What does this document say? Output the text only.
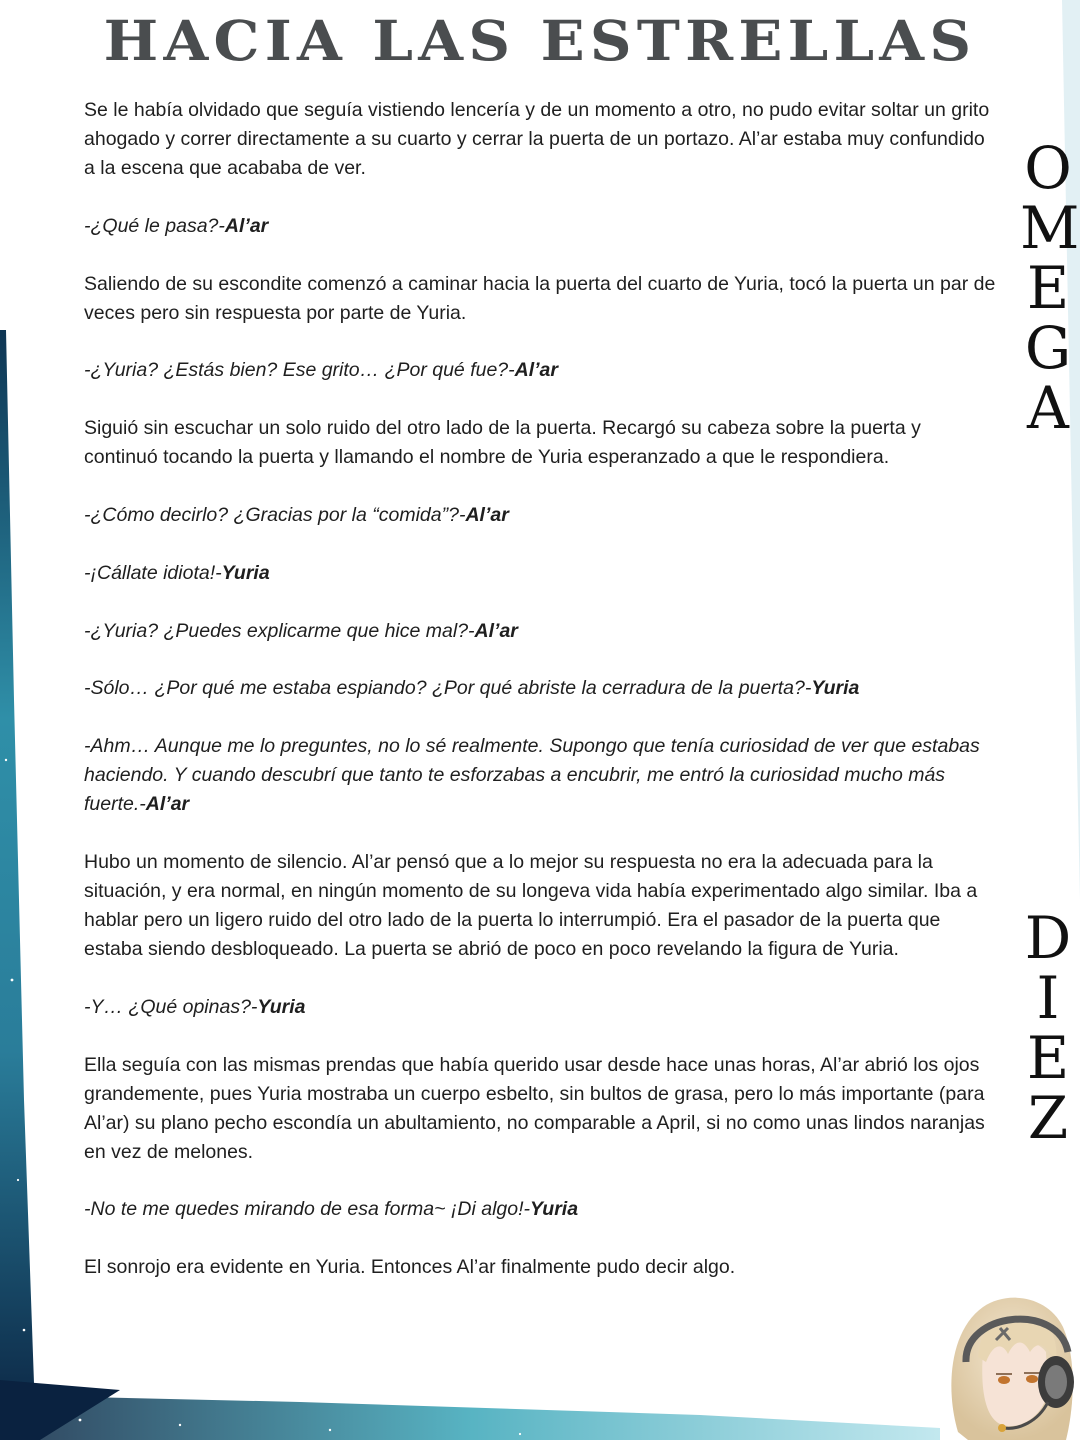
HACIA LAS ESTRELLAS

Se le había olvidado que seguía vistiendo lencería y de un momento a otro, no pudo evitar soltar un grito ahogado y correr directamente a su cuarto y cerrar la puerta de un portazo. Al’ar estaba muy confundido a la escena que acababa de ver.

-¿Qué le pasa?-Al’ar

Saliendo de su escondite comenzó a caminar hacia la puerta del cuarto de Yuria, tocó la puerta un par de veces pero sin respuesta por parte de Yuria.

-¿Yuria? ¿Estás bien? Ese grito… ¿Por qué fue?-Al’ar

Siguió sin escuchar un solo ruido del otro lado de la puerta. Recargó su cabeza sobre la puerta y continuó tocando la puerta y llamando el nombre de Yuria esperanzado a que le respondiera.

-¿Cómo decirlo? ¿Gracias por la “comida”?-Al’ar

-¡Cállate idiota!-Yuria

-¿Yuria? ¿Puedes explicarme que hice mal?-Al’ar

-Sólo… ¿Por qué me estaba espiando? ¿Por qué abriste la cerradura de la puerta?-Yuria

-Ahm… Aunque me lo preguntes, no lo sé realmente. Supongo que tenía curiosidad de ver que estabas haciendo. Y cuando descubrí que tanto te esforzabas a encubrir, me entró la curiosidad mucho más fuerte.-Al’ar

Hubo un momento de silencio. Al’ar pensó que a lo mejor su respuesta no era la adecuada para la situación, y era normal, en ningún momento de su longeva vida había experimentado algo similar. Iba a hablar pero un ligero ruido del otro lado de la puerta lo interrumpió. Era el pasador de la puerta que estaba siendo desbloqueado. La puerta se abrió de poco en poco revelando la figura de Yuria.

-Y… ¿Qué opinas?-Yuria

Ella seguía con las mismas prendas que había querido usar desde hace unas horas, Al’ar abrió los ojos grandemente, pues Yuria mostraba un cuerpo esbelto, sin bultos de grasa, pero lo más importante (para Al’ar) su plano pecho escondía un abultamiento, no comparable a April, si no como unas lindos naranjas en vez de melones.

-No te me quedes mirando de esa forma~ ¡Di algo!-Yuria

El sonrojo era evidente en Yuria. Entonces Al’ar finalmente pudo decir algo.

O
M
E
G
A
D
I
E
Z
